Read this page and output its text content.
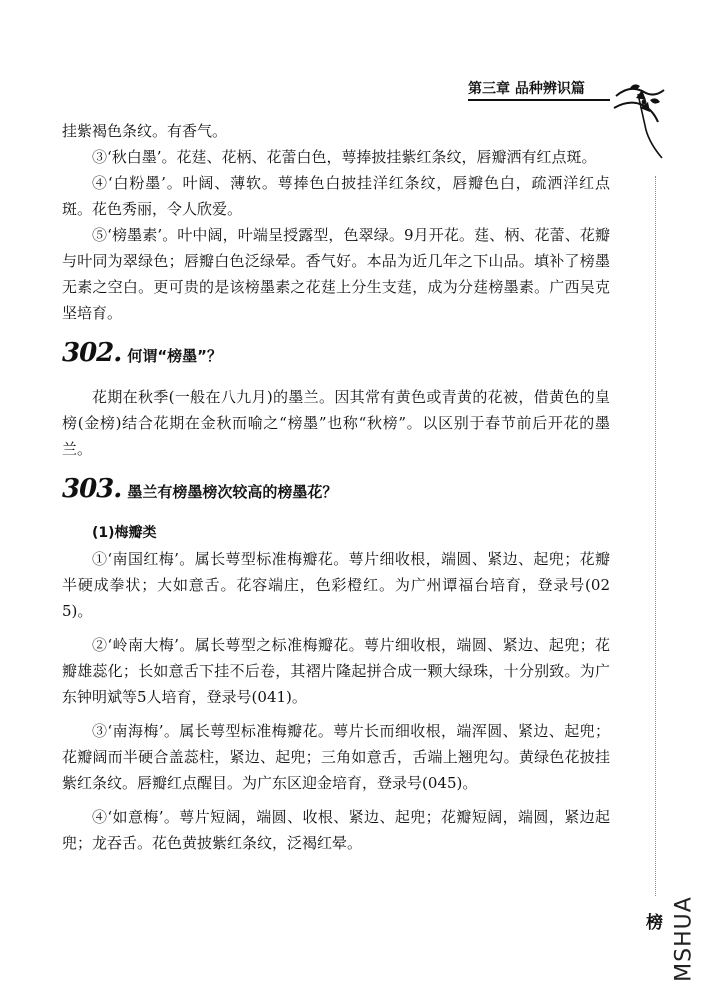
第三章 品种辨识篇

挂紫褐色条纹。有香气。

③‘秋白墨’。花莛、花柄、花蕾白色，萼捧披挂紫红条纹，唇瓣洒有红点斑。

④‘白粉墨’。叶阔、薄软。萼捧色白披挂洋红条纹，唇瓣色白，疏洒洋红点斑。花色秀丽，令人欣爱。

⑤‘榜墨素’。叶中阔，叶端呈授露型，色翠绿。9月开花。莛、柄、花蕾、花瓣与叶同为翠绿色；唇瓣白色泛绿晕。香气好。本品为近几年之下山品。填补了榜墨无素之空白。更可贵的是该榜墨素之花莛上分生支莛，成为分莛榜墨素。广西吴克坚培育。

302. 何谓“榜墨”？

花期在秋季(一般在八九月)的墨兰。因其常有黄色或青黄的花被，借黄色的皇榜(金榜)结合花期在金秋而喻之“榜墨”也称“秋榜”。以区别于春节前后开花的墨兰。

303. 墨兰有榜墨榜次较高的榜墨花？

(1)梅瓣类

①‘南国红梅’。属长萼型标准梅瓣花。萼片细收根，端圆、紧边、起兜；花瓣半硬成拳状；大如意舌。花容端庄，色彩橙红。为广州谭福台培育，登录号(025)。

②‘岭南大梅’。属长萼型之标准梅瓣花。萼片细收根，端圆、紧边、起兜；花瓣雄蕊化；长如意舌下挂不后卷，其褶片隆起拼合成一颗大绿珠，十分别致。为广东钟明斌等5人培育，登录号(041)。

③‘南海梅’。属长萼型标准梅瓣花。萼片长而细收根，端浑圆、紧边、起兜；花瓣阔而半硬合盖蕊柱，紧边、起兜；三角如意舌，舌端上翘兜勾。黄绿色花披挂紫红条纹。唇瓣红点醒目。为广东区迎金培育，登录号(045)。

④‘如意梅’。萼片短阔，端圆、收根、紧边、起兜；花瓣短阔，端圆，紧边起兜；龙吞舌。花色黄披紫红条纹，泛褐红晕。

榜 MSHUA
